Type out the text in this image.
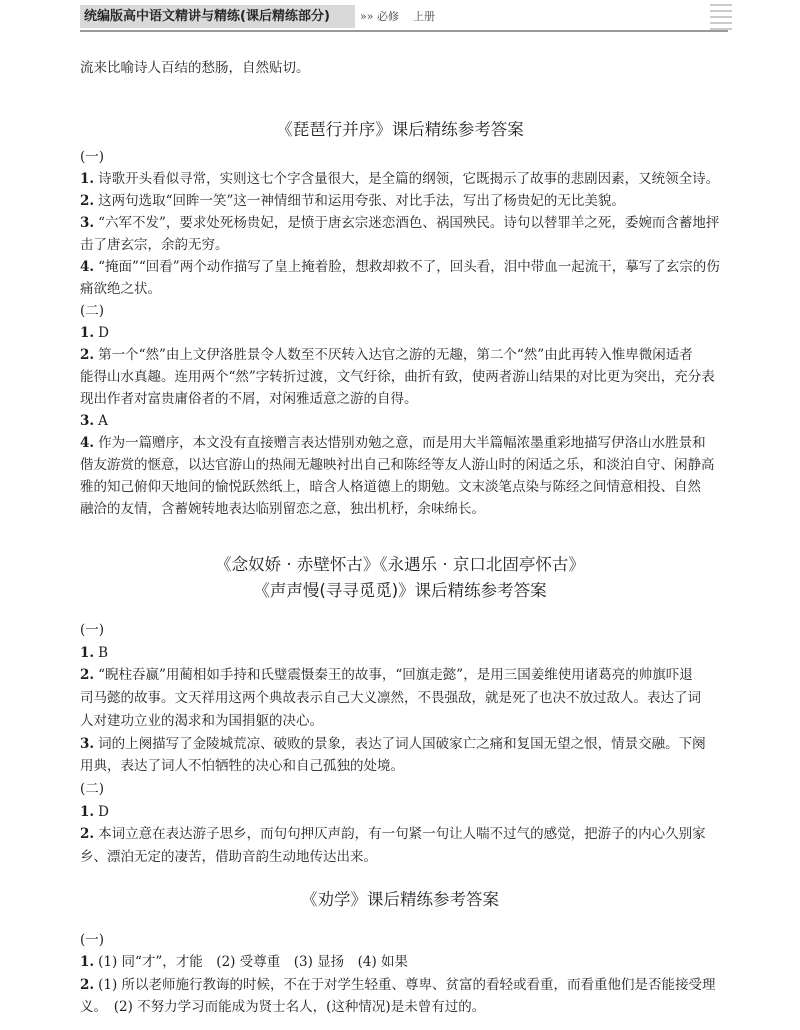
统编版高中语文精讲与精练(课后精练部分)	»» 必修 上册
流来比喻诗人百结的愁肠，自然贴切。
《琵琶行并序》课后精练参考答案
(一)
1. 诗歌开头看似寻常，实则这七个字含量很大，是全篇的纲领，它既揭示了故事的悲剧因素，又统领全诗。
2. 这两句选取“回眸一笑”这一神情细节和运用夸张、对比手法，写出了杨贵妃的无比美貌。
3. “六军不发”，要求处死杨贵妃，是愤于唐玄宗迷恋酒色、祸国殃民。诗句以替罪羊之死，委婉而含蓄地抨
击了唐玄宗，余韵无穷。
4. “掩面”“回看”两个动作描写了皇上掩着脸，想救却救不了，回头看，泪中带血一起流干，摹写了玄宗的伤
痛欲绝之状。
(二)
1. D
2. 第一个“然”由上文伊洛胜景令人数至不厌转入达官之游的无趣，第二个“然”由此再转入惟卑微闲适者
能得山水真趣。连用两个“然”字转折过渡，文气纡徐，曲折有致，使两者游山结果的对比更为突出，充分表
现出作者对富贵庸俗者的不屑，对闲雅适意之游的自得。
3. A
4. 作为一篇赠序，本文没有直接赠言表达惜别劝勉之意，而是用大半篇幅浓墨重彩地描写伊洛山水胜景和
偕友游赏的惬意，以达官游山的热闹无趣映衬出自己和陈经等友人游山时的闲适之乐，和淡泊自守、闲静高
雅的知己俯仰天地间的愉悦跃然纸上，暗含人格道德上的期勉。文末淡笔点染与陈经之间情意相投、自然
融洽的友情，含蓄婉转地表达临别留恋之意，独出机杼，余味绵长。
《念奴娇 · 赤壁怀古》《永遇乐 · 京口北固亭怀古》
《声声慢(寻寻觅觅)》课后精练参考答案
(一)
1. B
2. “睨柱吞嬴”用蔺相如手持和氏璧震慑秦王的故事，“回旗走懿”，是用三国姜维使用诸葛亮的帅旗吓退
司马懿的故事。文天祥用这两个典故表示自己大义凛然，不畏强敌，就是死了也决不放过敌人。表达了词
人对建功立业的渴求和为国捐躯的决心。
3. 词的上阕描写了金陵城荒凉、破败的景象，表达了词人国破家亡之痛和复国无望之恨，情景交融。下阕
用典，表达了词人不怕牺牲的决心和自己孤独的处境。
(二)
1. D
2. 本词立意在表达游子思乡，而句句押仄声韵，有一句紧一句让人喘不过气的感觉，把游子的内心久别家
乡、漂泊无定的凄苦，借助音韵生动地传达出来。
《劝学》课后精练参考答案
(一)
1. (1) 同“才”，才能　(2) 受尊重　(3) 显扬　(4) 如果
2. (1) 所以老师施行教诲的时候，不在于对学生轻重、尊卑、贫富的看轻或看重，而看重他们是否能接受理
义。　(2) 不努力学习而能成为贤士名人，(这种情况)是未曾有过的。
